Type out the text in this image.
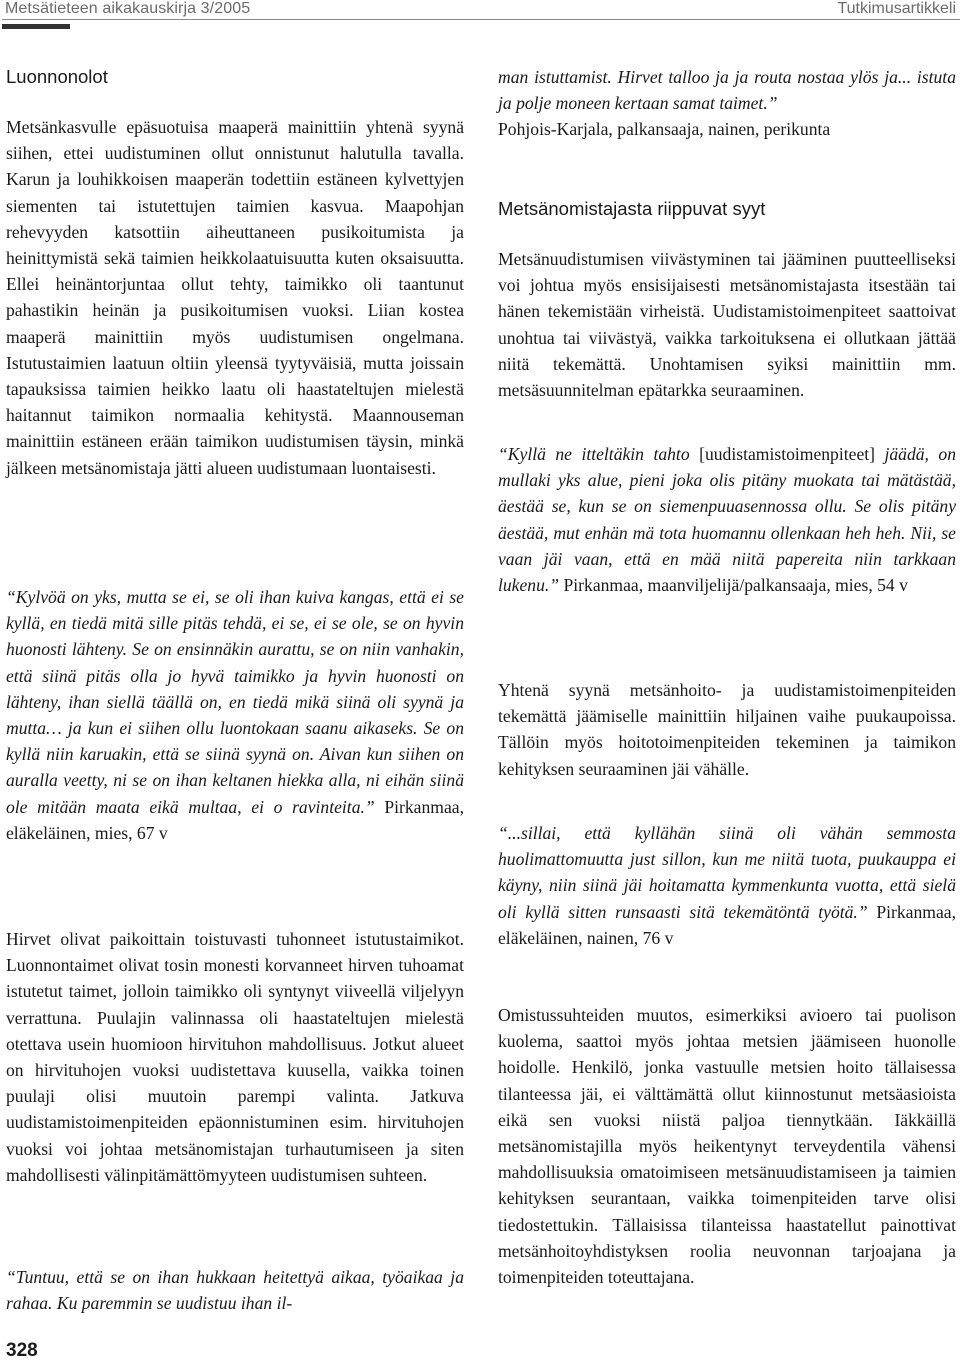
Metsätieteen aikakauskirja 3/2005	Tutkimusartikkeli
Luonnonolot

Metsänkasvulle epäsuotuisa maaperä mainittiin yhtenä syynä siihen, ettei uudistuminen ollut onnistunut halutulla tavalla. Karun ja louhikkoisen maaperän todettiin estäneen kylvettyjen siementen tai istutettujen taimien kasvua. Maapohjan rehevyyden katsottiin aiheuttaneen pusikoitumista ja heinittymistä sekä taimien heikkolaatuisuutta kuten oksaisuutta. Ellei heinäntorjuntaa ollut tehty, taimikko oli taantunut pahastikin heinän ja pusikoitumisen vuoksi. Liian kostea maaperä mainittiin myös uudistumisen ongelmana. Istutustaimien laatuun oltiin yleensä tyytyväisiä, mutta joissain tapauksissa taimien heikko laatu oli haastateltujen mielestä haitannut taimikon normaalia kehitystä. Maannouseman mainittiin estäneen erään taimikon uudistumisen täysin, minkä jälkeen metsänomistaja jätti alueen uudistumaan luontaisesti.

“Kylvöä on yks, mutta se ei, se oli ihan kuiva kangas, että ei se kyllä, en tiedä mitä sille pitäs tehdä, ei se, ei se ole, se on hyvin huonosti lähteny. Se on ensinnäkin aurattu, se on niin vanhakin, että siinä pitäs olla jo hyvä taimikko ja hyvin huonosti on lähteny, ihan siellä täällä on, en tiedä mikä siinä oli syynä ja mutta… ja kun ei siihen ollu luontokaan saanu aikaseks. Se on kyllä niin karuakin, että se siinä syynä on. Aivan kun siihen on auralla veetty, ni se on ihan keltanen hiekka alla, ni eihän siinä ole mitään maata eikä multaa, ei o ravinteita.” Pirkanmaa, eläkeläinen, mies, 67 v

Hirvet olivat paikoittain toistuvasti tuhonneet istutustaimikot. Luonnontaimet olivat tosin monesti korvanneet hirven tuhoamat istutetut taimet, jolloin taimikko oli syntynyt viiveellä viljelyyn verrattuna. Puulajin valinnassa oli haastateltujen mielestä otettava usein huomioon hirvituhon mahdollisuus. Jotkut alueet on hirvituhojen vuoksi uudistettava kuusella, vaikka toinen puulaji olisi muutoin parempi valinta. Jatkuva uudistamistoimenpiteiden epäonnistuminen esim. hirvituhojen vuoksi voi johtaa metsänomistajan turhautumiseen ja siten mahdollisesti välinpitämättömyyteen uudistumisen suhteen.

“Tuntuu, että se on ihan hukkaan heitettyä aikaa, työaikaa ja rahaa. Ku paremmin se uudistuu ihan il-

man istuttamist. Hirvet talloo ja ja routa nostaa ylös ja... istuta ja polje moneen kertaan samat taimet.”

Pohjois-Karjala, palkansaaja, nainen, perikunta

Metsänomistajasta riippuvat syyt

Metsänuudistumisen viivästyminen tai jääminen puutteelliseksi voi johtua myös ensisijaisesti metsänomistajasta itsestään tai hänen tekemistään virheistä. Uudistamistoimenpiteet saattoivat unohtua tai viivästyä, vaikka tarkoituksena ei ollutkaan jättää niitä tekemättä. Unohtamisen syiksi mainittiin mm. metsäsuunnitelman epätarkka seuraaminen.

“Kyllä ne itteltäkin tahto [uudistamistoimenpiteet] jäädä, on mullaki yks alue, pieni joka olis pitäny muokata tai mätästää, äestää se, kun se on siemenpuuasennossa ollu. Se olis pitäny äestää, mut enhän mä tota huomannu ollenkaan heh heh. Nii, se vaan jäi vaan, että en mää niitä papereita niin tarkkaan lukenu.” Pirkanmaa, maanviljelijä/palkansaaja, mies, 54 v

Yhtenä syynä metsänhoito- ja uudistamistoimenpiteiden tekemättä jäämiselle mainittiin hiljainen vaihe puukaupoissa. Tällöin myös hoitotoimenpiteiden tekeminen ja taimikon kehityksen seuraaminen jäi vähälle.

“...sillai, että kyllähän siinä oli vähän semmosta huolimattomuutta just sillon, kun me niitä tuota, puukauppa ei käyny, niin siinä jäi hoitamatta kymmenkunta vuotta, että sielä oli kyllä sitten runsaasti sitä tekemätöntä työtä.” Pirkanmaa, eläkeläinen, nainen, 76 v

Omistussuhteiden muutos, esimerkiksi avioero tai puolison kuolema, saattoi myös johtaa metsien jäämiseen huonolle hoidolle. Henkilö, jonka vastuulle metsien hoito tällaisessa tilanteessa jäi, ei välttämättä ollut kiinnostunut metsäasioista eikä sen vuoksi niistä paljoa tiennytkään. Iäkkäillä metsänomistajilla myös heikentynyt terveydentila vähensi mahdollisuuksia omatoimiseen metsänuudistamiseen ja taimien kehityksen seurantaan, vaikka toimenpiteiden tarve olisi tiedostettukin. Tällaisissa tilanteissa haastatellut painottivat metsänhoitoyhdistyksen roolia neuvonnan tarjoajana ja toimenpiteiden toteuttajana.

328
